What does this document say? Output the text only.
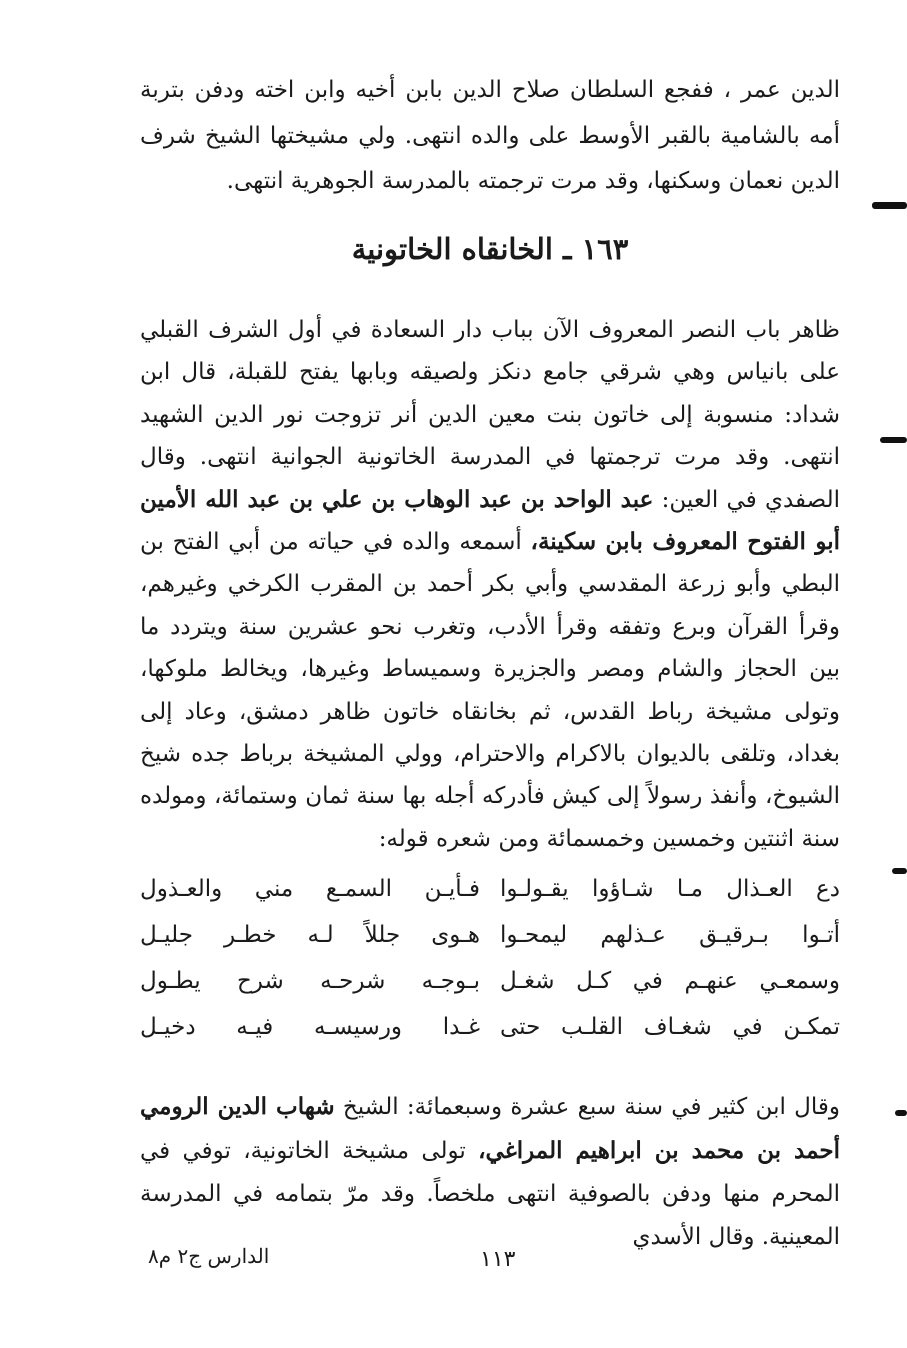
الدين عمر ، ففجع السلطان صلاح الدين بابن أخيه وابن اخته ودفن بتربة أمه بالشامية بالقبر الأوسط على والده انتهى. ولي مشيختها الشيخ شرف الدين نعمان وسكنها، وقد مرت ترجمته بالمدرسة الجوهرية انتهى.

١٦٣ ـ الخانقاه الخاتونية

ظاهر باب النصر المعروف الآن بباب دار السعادة في أول الشرف القبلي على بانياس وهي شرقي جامع دنكز ولصيقه وبابها يفتح للقبلة، قال ابن شداد: منسوبة إلى خاتون بنت معين الدين أنر تزوجت نور الدين الشهيد انتهى. وقد مرت ترجمتها في المدرسة الخاتونية الجوانية انتهى. وقال الصفدي في العين: عبد الواحد بن عبد الوهاب بن علي بن عبد الله الأمين أبو الفتوح المعروف بابن سكينة، أسمعه والده في حياته من أبي الفتح بن البطي وأبو زرعة المقدسي وأبي بكر أحمد بن المقرب الكرخي وغيرهم، وقرأ القرآن وبرع وتفقه وقرأ الأدب، وتغرب نحو عشرين سنة ويتردد ما بين الحجاز والشام ومصر والجزيرة وسميساط وغيرها، ويخالط ملوكها، وتولى مشيخة رباط القدس، ثم بخانقاه خاتون ظاهر دمشق، وعاد إلى بغداد، وتلقى بالديوان بالاكرام والاحترام، وولي المشيخة برباط جده شيخ الشيوخ، وأنفذ رسولاً إلى كيش فأدركه أجله بها سنة ثمان وستمائة، ومولده سنة اثنتين وخمسين وخمسمائة ومن شعره قوله:

دع العـذال مـا شـاؤوا يقـولـوا
فـأيـن السمـع مني والعـذول
أتـوا بـرقيـق عـذلهم ليمحـوا
هـوى جللاً لـه خطـر جليـل
وسمعـي عنهـم في كـل شغـل
بـوجـه شرحـه شرح يطـول
تمكـن في شغـاف القلـب حتى
غـدا ورسيسـه فيـه دخيـل

وقال ابن كثير في سنة سبع عشرة وسبعمائة: الشيخ شهاب الدين الرومي أحمد بن محمد بن ابراهيم المراغي، تولى مشيخة الخاتونية، توفي في المحرم منها ودفن بالصوفية انتهى ملخصاً. وقد مرّ بتمامه في المدرسة المعينية. وقال الأسدي

الدارس ج٢ م٨	١١٣
